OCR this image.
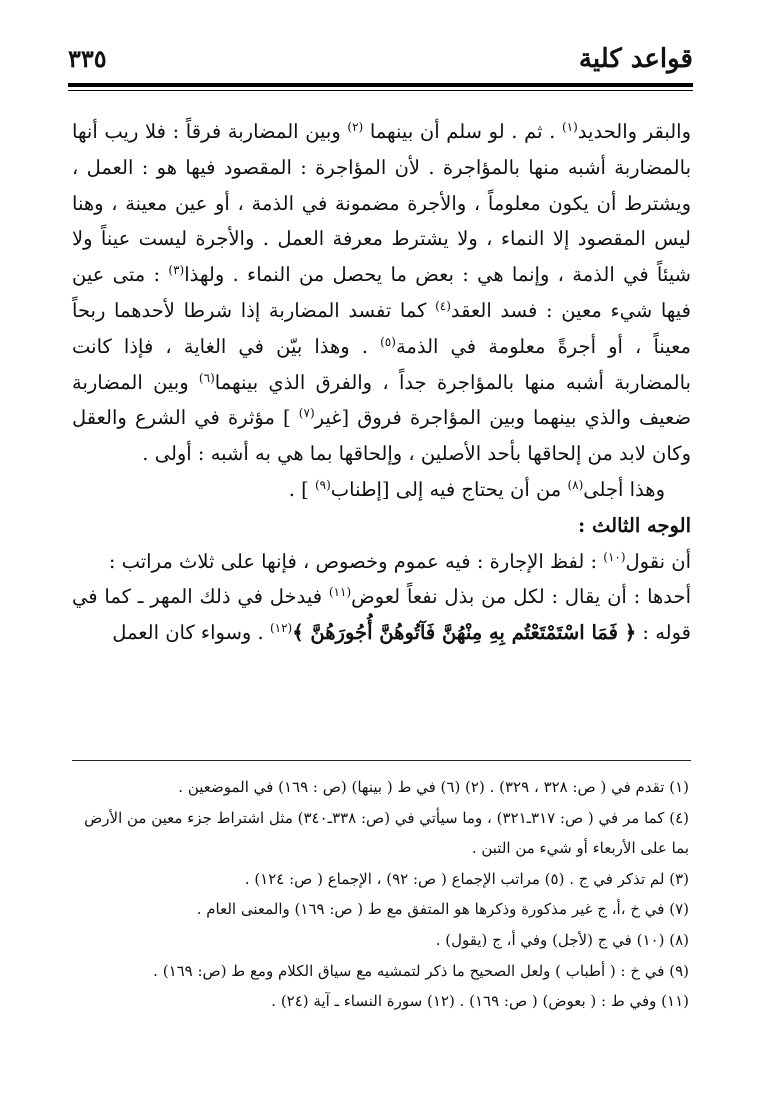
قواعد كلية
٣٣٥

والبقر والحديد$^{(١)}$ . ثم . لو سلم أن بينهما $^{(٢)}$ وبين المضاربة فرقاً : فلا ريب أنها بالمضاربة أشبه منها بالمؤاجرة . لأن المؤاجرة : المقصود فيها هو : العمل ، ويشترط أن يكون معلوماً ، والأجرة مضمونة في الذمة ، أو عين معينة ، وهنا ليس المقصود إلا النماء ، ولا يشترط معرفة العمل . والأجرة ليست عيناً ولا شيئاً في الذمة ، وإنما هي : بعض ما يحصل من النماء . ولهذا$^{(٣)}$ : متى عين فيها شيء معين : فسد العقد$^{(٤)}$ كما تفسد المضاربة إذا شرطا لأحدهما ربحاً معيناً ، أو أجرةً معلومة في الذمة$^{(٥)}$ . وهذا بيّن في الغاية ، فإذا كانت بالمضاربة أشبه منها بالمؤاجرة جداً ، والفرق الذي بينهما$^{(٦)}$ وبين المضاربة ضعيف والذي بينهما وبين المؤاجرة فروق [غير$^{(٧)}$ ] مؤثرة في الشرع والعقل وكان لابد من إلحاقها بأحد الأصلين ، وإلحاقها بما هي به أشبه : أولى .

وهذا أجلى$^{(٨)}$ من أن يحتاج فيه إلى [إطناب$^{(٩)}$ ] .

الوجه الثالث :

أن نقول$^{(١٠)}$ : لفظ الإجارة : فيه عموم وخصوص ، فإنها على ثلاث مراتب :

أحدها : أن يقال : لكل من بذل نفعاً لعوض$^{(١١)}$ فيدخل في ذلك المهر ـ كما في قوله : ﴿ فَمَا اسْتَمْتَعْتُم بِهِ مِنْهُنَّ فَآتُوهُنَّ أُجُورَهُنَّ ﴾$^{(١٢)}$ . وسواء كان العمل

(١) تقدم في ( ص: ٣٢٨ ، ٣٢٩) . (٢) (٦) في ط ( بينها) (ص : ١٦٩) في الموضعين .

(٤) كما مر في ( ص: ٣١٧ـ٣٢١) ، وما سيأتي في (ص: ٣٣٨ـ٣٤٠) مثل اشتراط جزء معين من الأرض بما على الأربعاء أو شيء من التبن .

(٣) لم تذكر في ج . (٥) مراتب الإجماع ( ص: ٩٢) ، الإجماع ( ص: ١٢٤) .

(٧) في خ ،أ، ج غير مذكورة وذكرها هو المتفق مع ط ( ص: ١٦٩) والمعنى العام .

(٨) (١٠) في ج (لأجل) وفي أ، ج (يقول) .

(٩) في خ : ( أطباب ) ولعل الصحيح ما ذكر لتمشيه مع سياق الكلام ومع ط (ص: ١٦٩) .

(١١) وفي ط : ( بعوض) ( ص: ١٦٩) . (١٢) سورة النساء ـ آية (٢٤) .
